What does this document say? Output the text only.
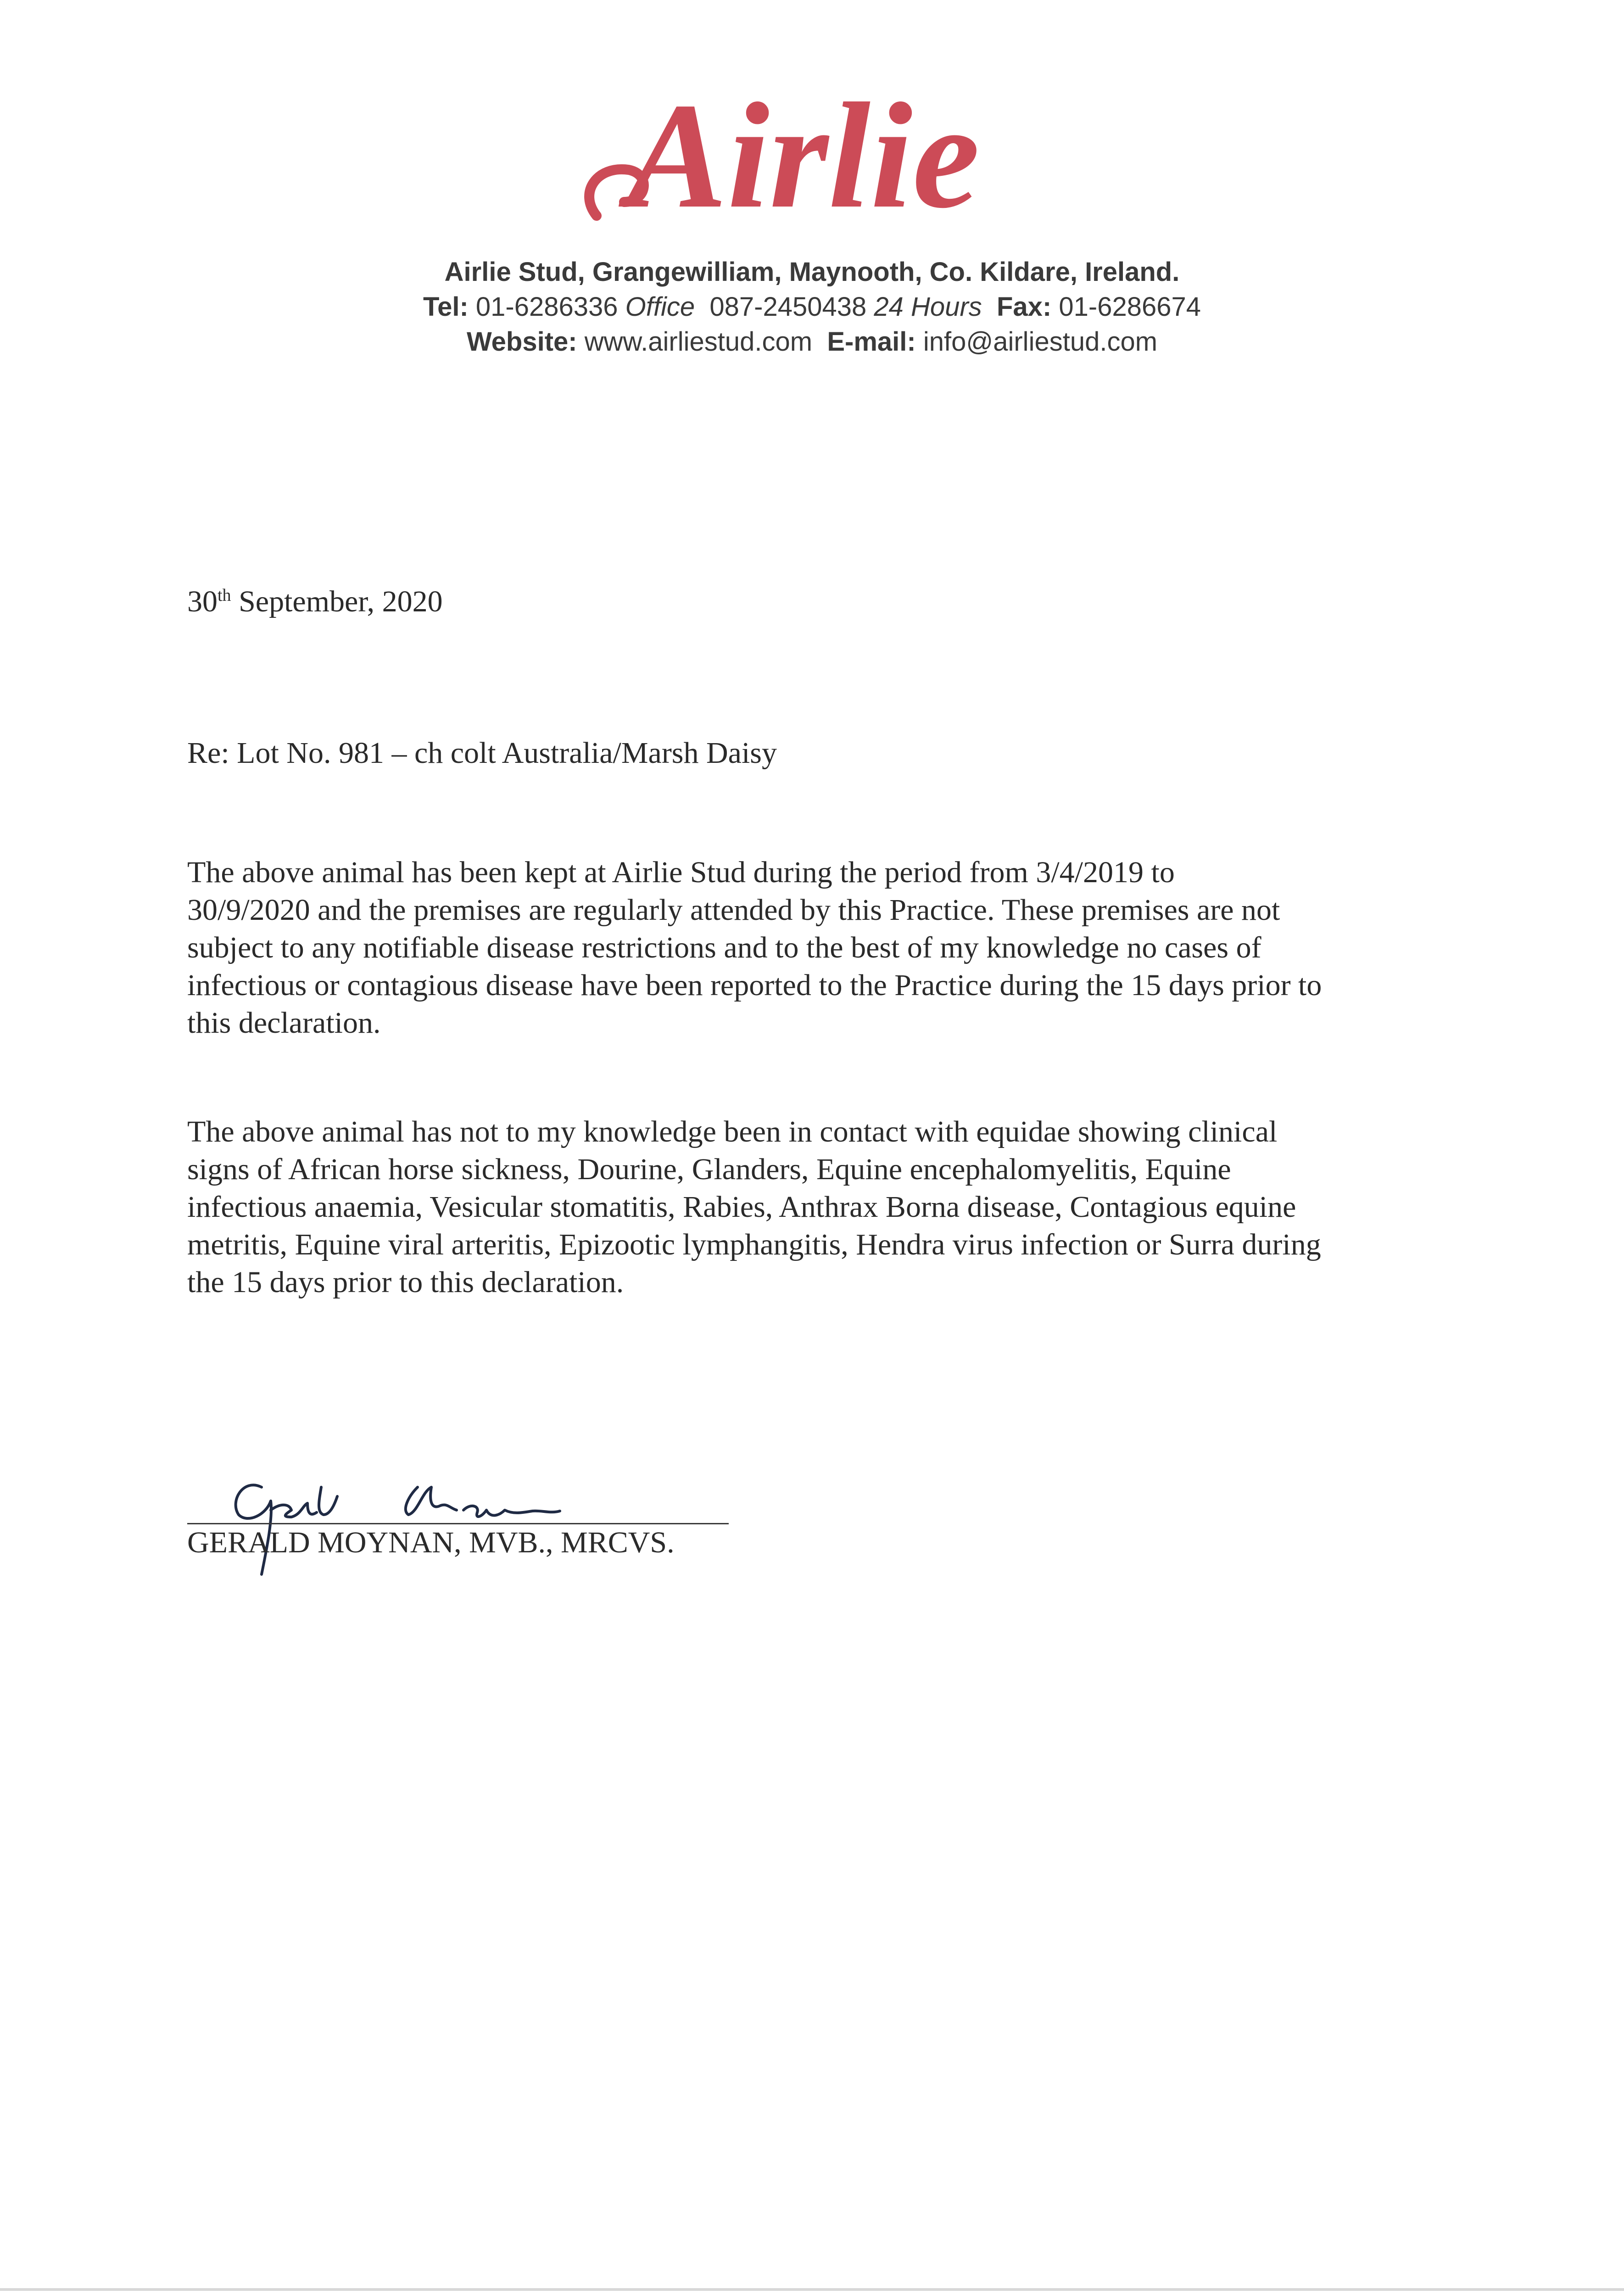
Airlie
Airlie Stud, Grangewilliam, Maynooth, Co. Kildare, Ireland.
Tel: 01-6286336 Office 087-2450438 24 Hours Fax: 01-6286674
Website: www.airliestud.com E-mail: info@airliestud.com
30th September, 2020
Re: Lot No. 981 – ch colt Australia/Marsh Daisy
The above animal has been kept at Airlie Stud during the period from 3/4/2019 to
30/9/2020 and the premises are regularly attended by this Practice. These premises are not
subject to any notifiable disease restrictions and to the best of my knowledge no cases of
infectious or contagious disease have been reported to the Practice during the 15 days prior to
this declaration.
The above animal has not to my knowledge been in contact with equidae showing clinical
signs of African horse sickness, Dourine, Glanders, Equine encephalomyelitis, Equine
infectious anaemia, Vesicular stomatitis, Rabies, Anthrax Borna disease, Contagious equine
metritis, Equine viral arteritis, Epizootic lymphangitis, Hendra virus infection or Surra during
the 15 days prior to this declaration.
GERALD MOYNAN, MVB., MRCVS.
